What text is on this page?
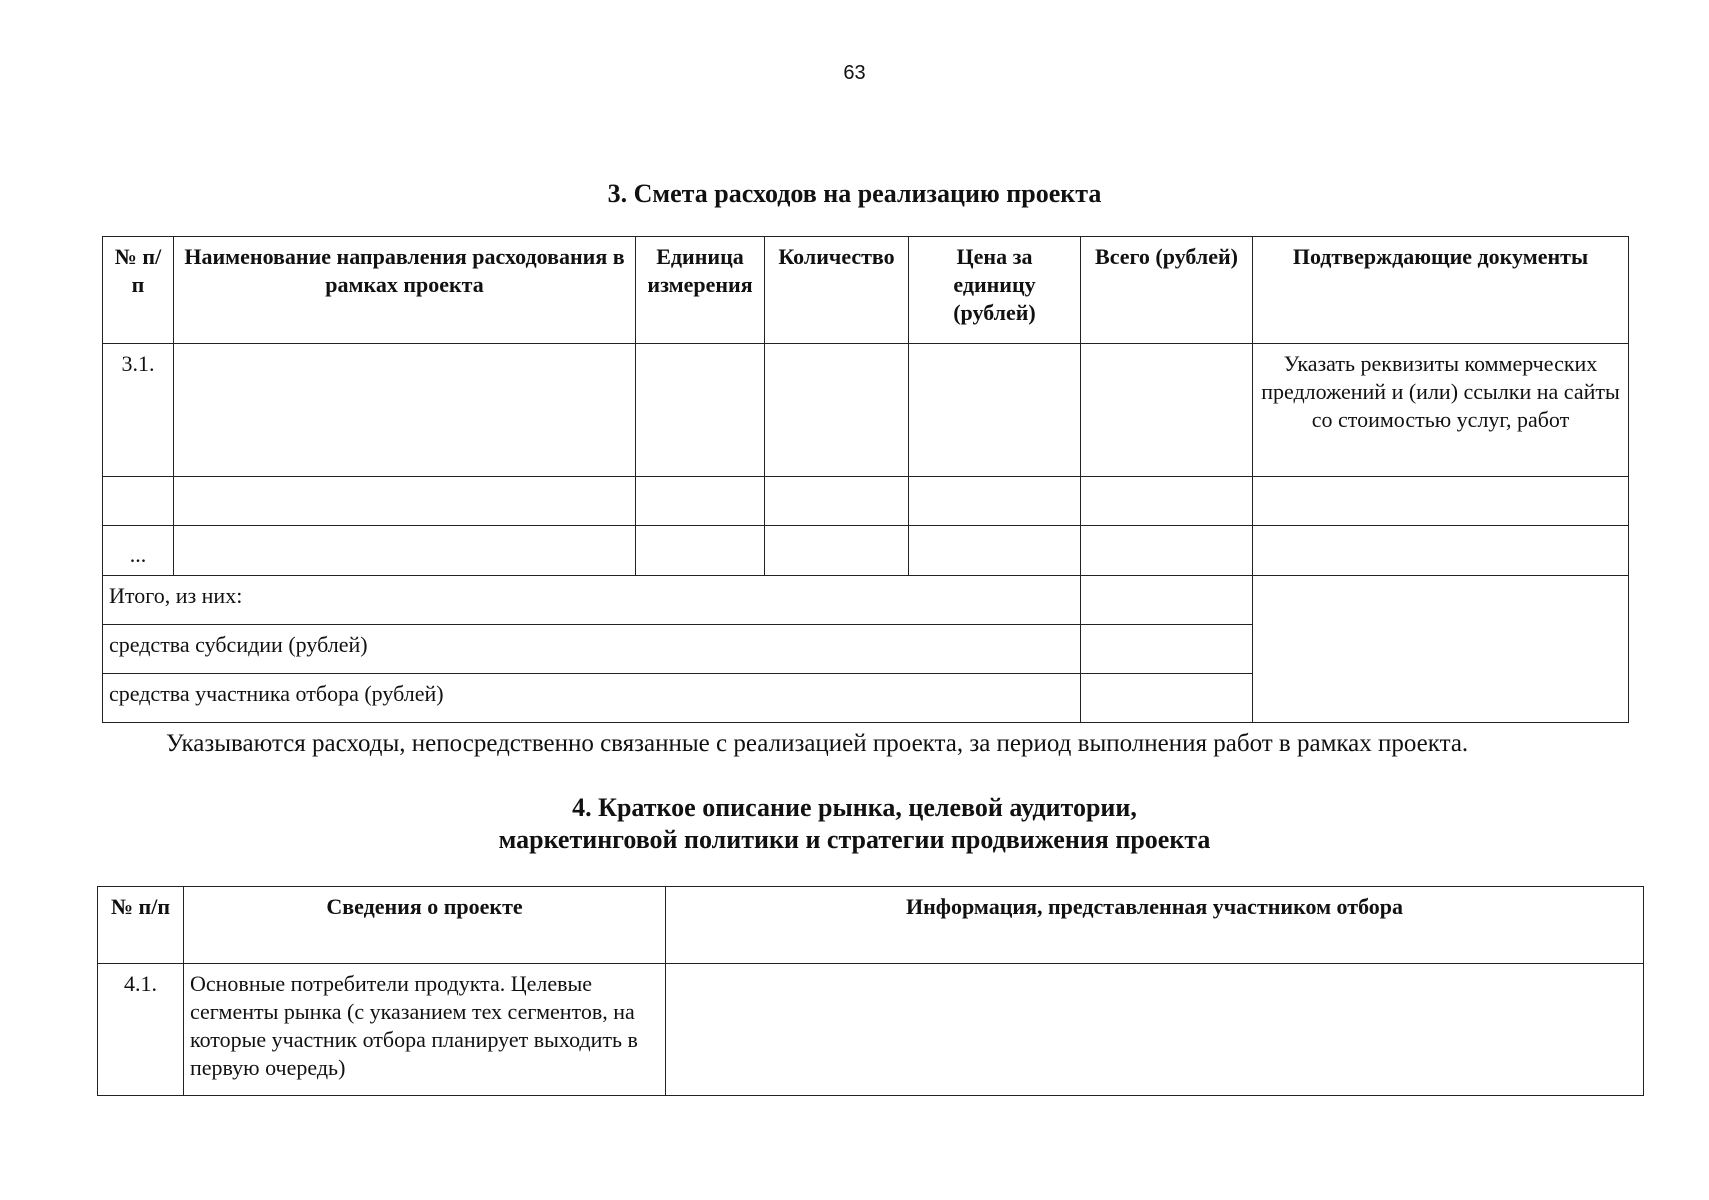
63
3. Смета расходов на реализацию проекта
№ п/п	Наименование направления расходования в рамках проекта	Единица измерения	Количество	Цена за единицу (рублей)	Всего (рублей)	Подтверждающие документы
3.1.						Указать реквизиты коммерческих предложений и (или) ссылки на сайты со стоимостью услуг, работ

...						
Итого, из них:						
средства субсидии (рублей)						
средства участника отбора (рублей)						
Указываются расходы, непосредственно связанные с реализацией проекта, за период выполнения работ в рамках проекта.
4. Краткое описание рынка, целевой аудитории,
маркетинговой политики и стратегии продвижения проекта
№ п/п	Сведения о проекте	Информация, представленная участником отбора
4.1.	Основные потребители продукта. Целевые сегменты рынка (с указанием тех сегментов, на которые участник отбора планирует выходить в первую очередь)	
